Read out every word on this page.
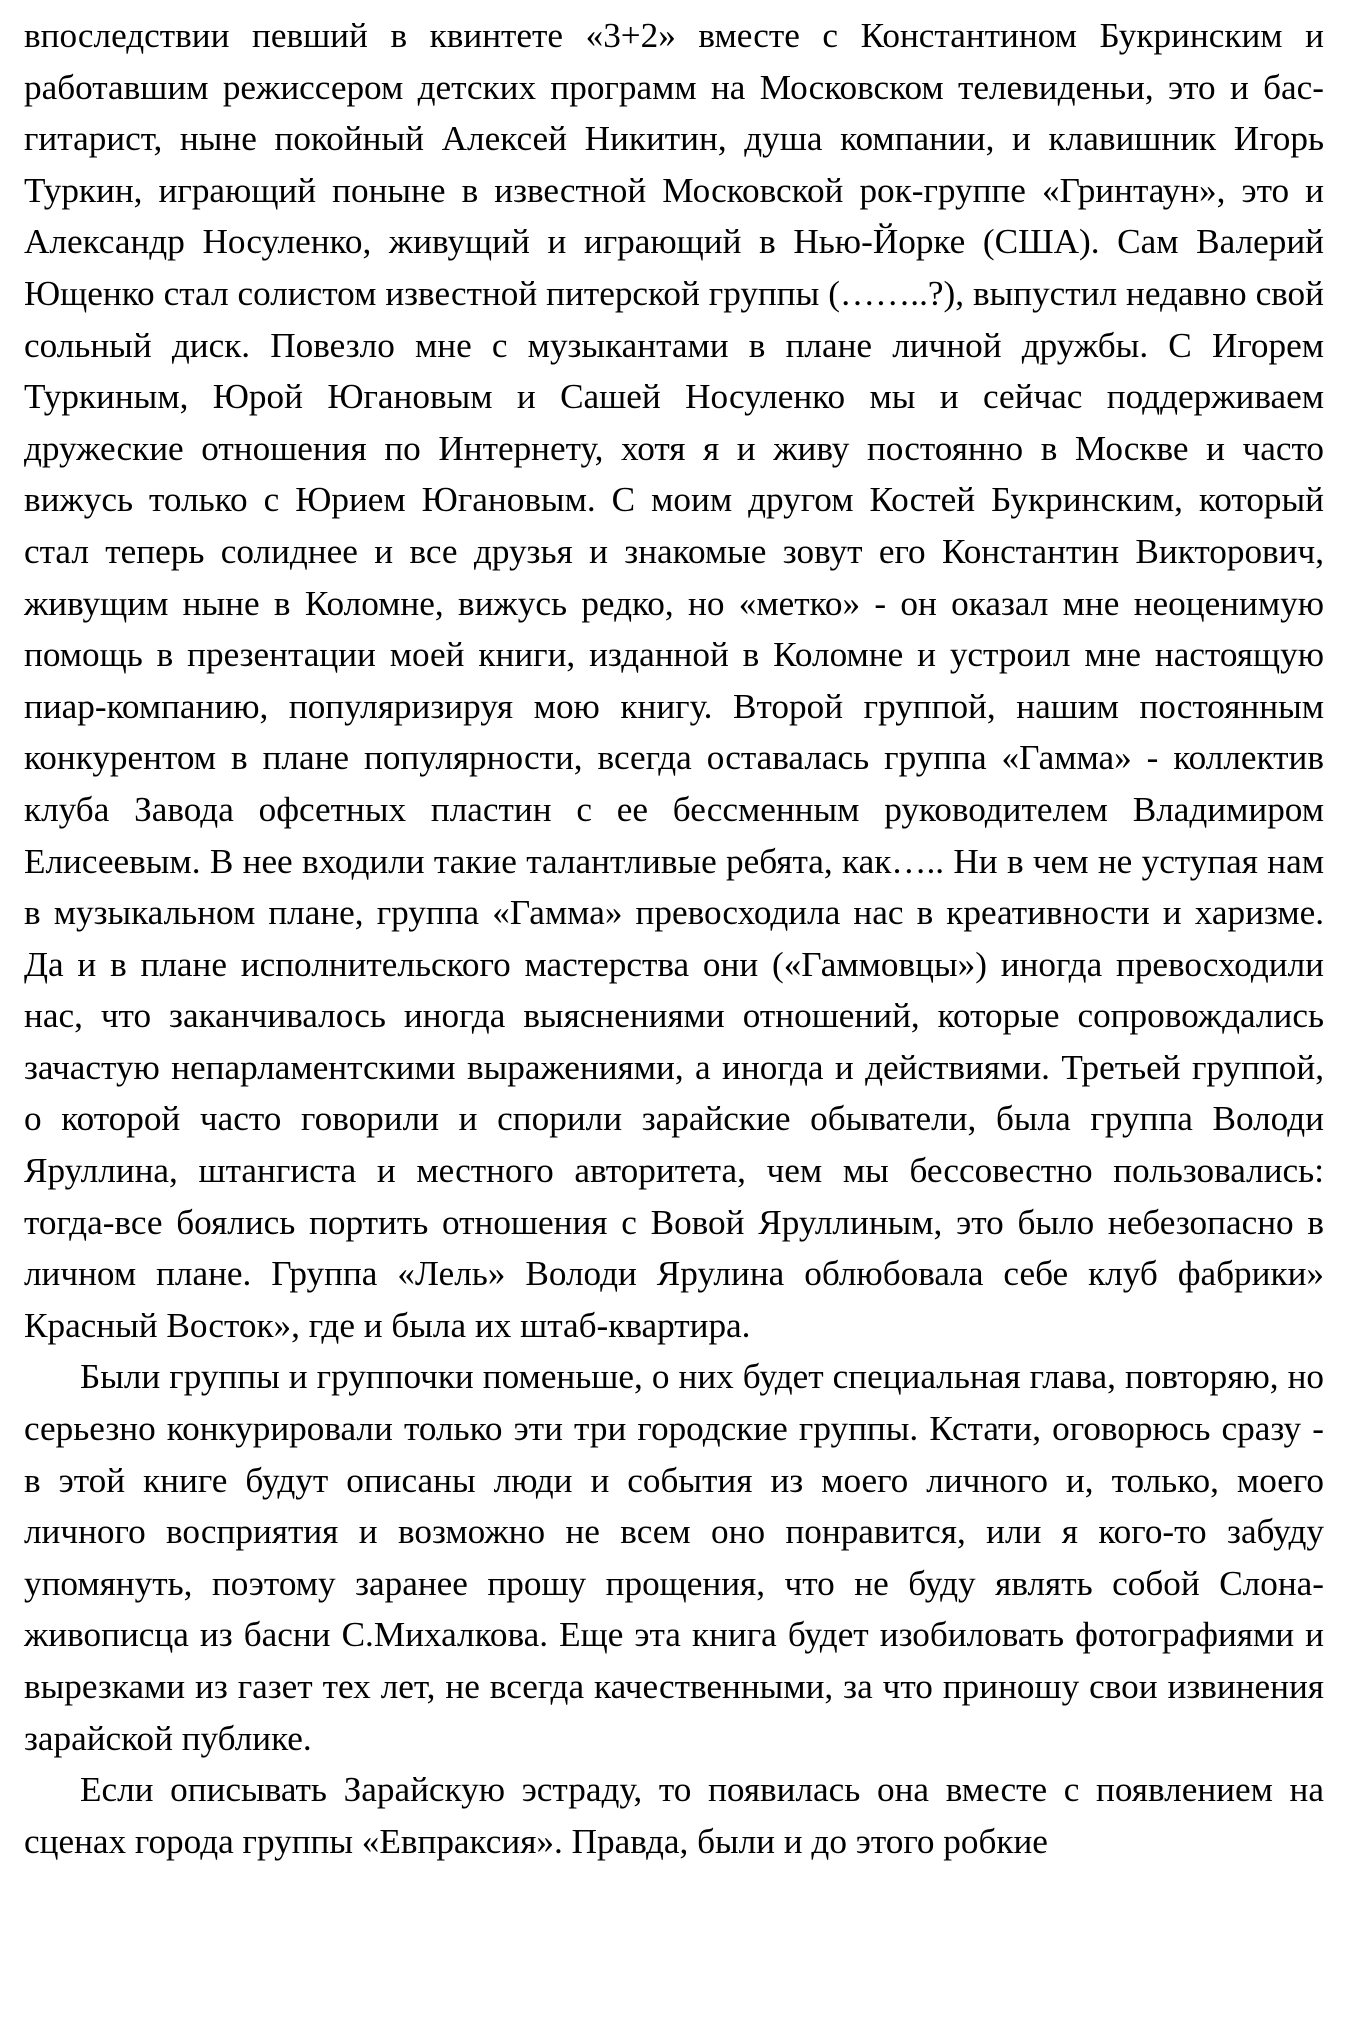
впоследствии певший в квинтете «3+2» вместе с Константином Букринским и работавшим режиссером детских программ на Московском телевиденьи, это и бас-гитарист, ныне покойный Алексей Никитин, душа компании, и клавишник Игорь Туркин, играющий поныне в известной Московской рок-группе «Гринтаун», это и Александр Носуленко, живущий и играющий в Нью-Йорке (США). Сам Валерий Ющенко стал солистом известной питерской группы (……..?), выпустил недавно свой сольный диск. Повезло мне с музыкантами в плане личной дружбы. С Игорем Туркиным, Юрой Югановым и Сашей Носуленко мы и сейчас поддерживаем дружеские отношения по Интернету, хотя я и живу постоянно в Москве и часто вижусь только с Юрием Югановым. С моим другом Костей Букринским, который стал теперь солиднее и все друзья и знакомые зовут его Константин Викторович, живущим ныне в Коломне, вижусь редко, но «метко» - он оказал мне неоценимую помощь в презентации моей книги, изданной в Коломне и устроил мне настоящую пиар-компанию, популяризируя мою книгу. Второй группой, нашим постоянным конкурентом в плане популярности, всегда оставалась группа «Гамма» - коллектив клуба Завода офсетных пластин с ее бессменным руководителем Владимиром Елисеевым. В нее входили такие талантливые ребята, как….. Ни в чем не уступая нам в музыкальном плане, группа «Гамма» превосходила нас в креативности и харизме. Да и в плане исполнительского мастерства они («Гаммовцы») иногда превосходили нас, что заканчивалось иногда выяснениями отношений, которые сопровождались зачастую непарламентскими выражениями, а иногда и действиями. Третьей группой, о которой часто говорили и спорили зарайские обыватели, была группа Володи Яруллина, штангиста и местного авторитета, чем мы бессовестно пользовались: тогда-все боялись портить отношения с Вовой Яруллиным, это было небезопасно в личном плане. Группа «Лель» Володи Ярулина облюбовала себе клуб фабрики» Красный Восток», где и была их штаб-квартира.

Были группы и группочки поменьше, о них будет специальная глава, повторяю, но серьезно конкурировали только эти три городские группы. Кстати, оговорюсь сразу - в этой книге будут описаны люди и события из моего личного и, только, моего личного восприятия и возможно не всем оно понравится, или я кого-то забуду упомянуть, поэтому заранее прошу прощения, что не буду являть собой Слона-живописца из басни С.Михалкова. Еще эта книга будет изобиловать фотографиями и вырезками из газет тех лет, не всегда качественными, за что приношу свои извинения зарайской публике.

Если описывать Зарайскую эстраду, то появилась она вместе с появлением на сценах города группы «Евпраксия». Правда, были и до этого робкие
